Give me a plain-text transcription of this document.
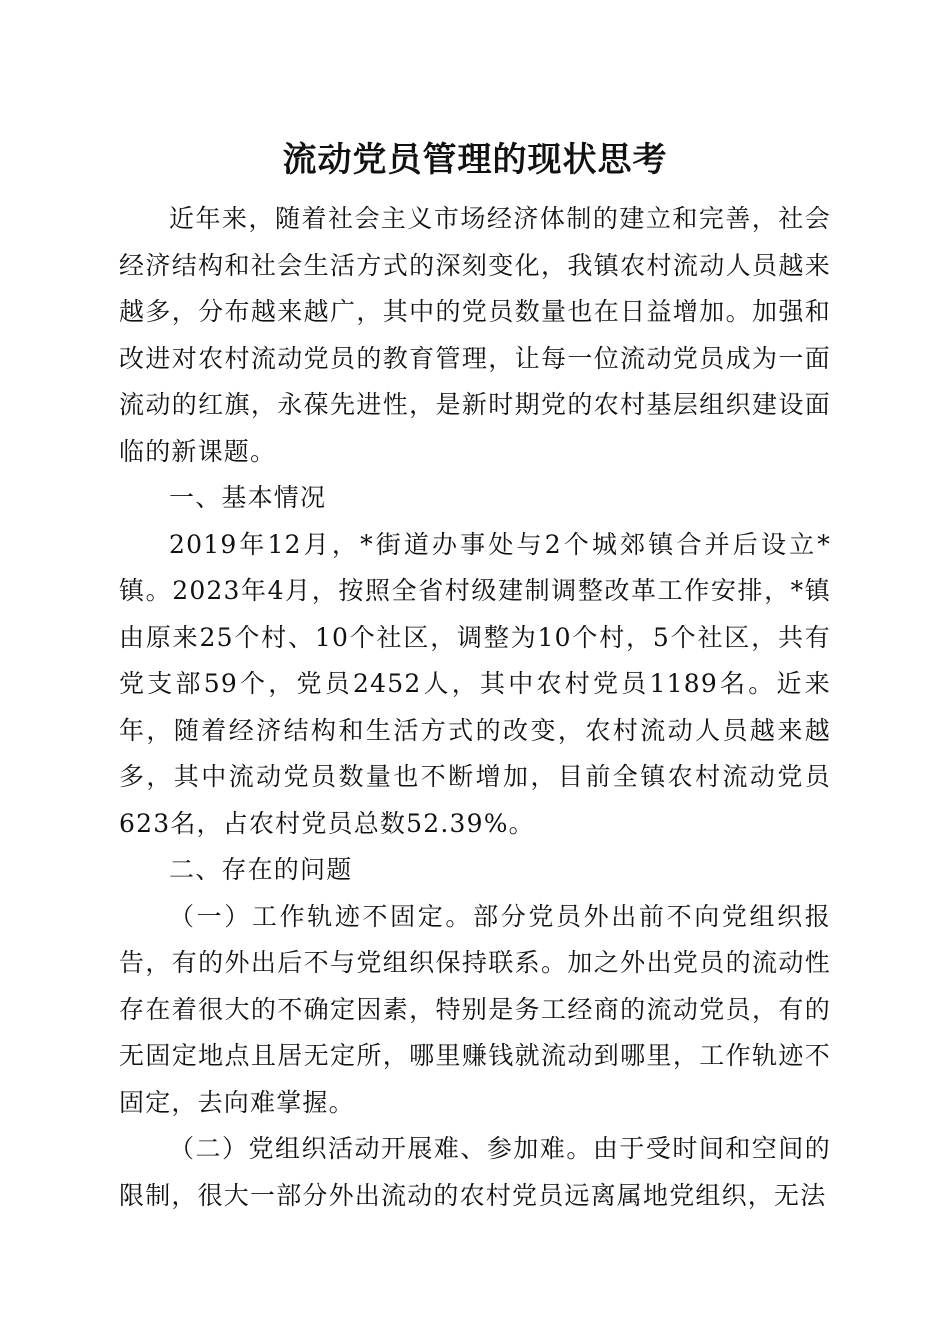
流动党员管理的现状思考

近年来，随着社会主义市场经济体制的建立和完善，社会经济结构和社会生活方式的深刻变化，我镇农村流动人员越来越多，分布越来越广，其中的党员数量也在日益增加。加强和改进对农村流动党员的教育管理，让每一位流动党员成为一面流动的红旗，永葆先进性，是新时期党的农村基层组织建设面临的新课题。

一、基本情况

2019年12月，*街道办事处与2个城郊镇合并后设立*镇。2023年4月，按照全省村级建制调整改革工作安排，*镇由原来25个村、10个社区，调整为10个村，5个社区，共有党支部59个，党员2452人，其中农村党员1189名。近来年，随着经济结构和生活方式的改变，农村流动人员越来越多，其中流动党员数量也不断增加，目前全镇农村流动党员623名，占农村党员总数52.39%。

二、存在的问题

（一）工作轨迹不固定。部分党员外出前不向党组织报告，有的外出后不与党组织保持联系。加之外出党员的流动性存在着很大的不确定因素，特别是务工经商的流动党员，有的无固定地点且居无定所，哪里赚钱就流动到哪里，工作轨迹不固定，去向难掌握。

（二）党组织活动开展难、参加难。由于受时间和空间的限制，很大一部分外出流动的农村党员远离属地党组织，无法
